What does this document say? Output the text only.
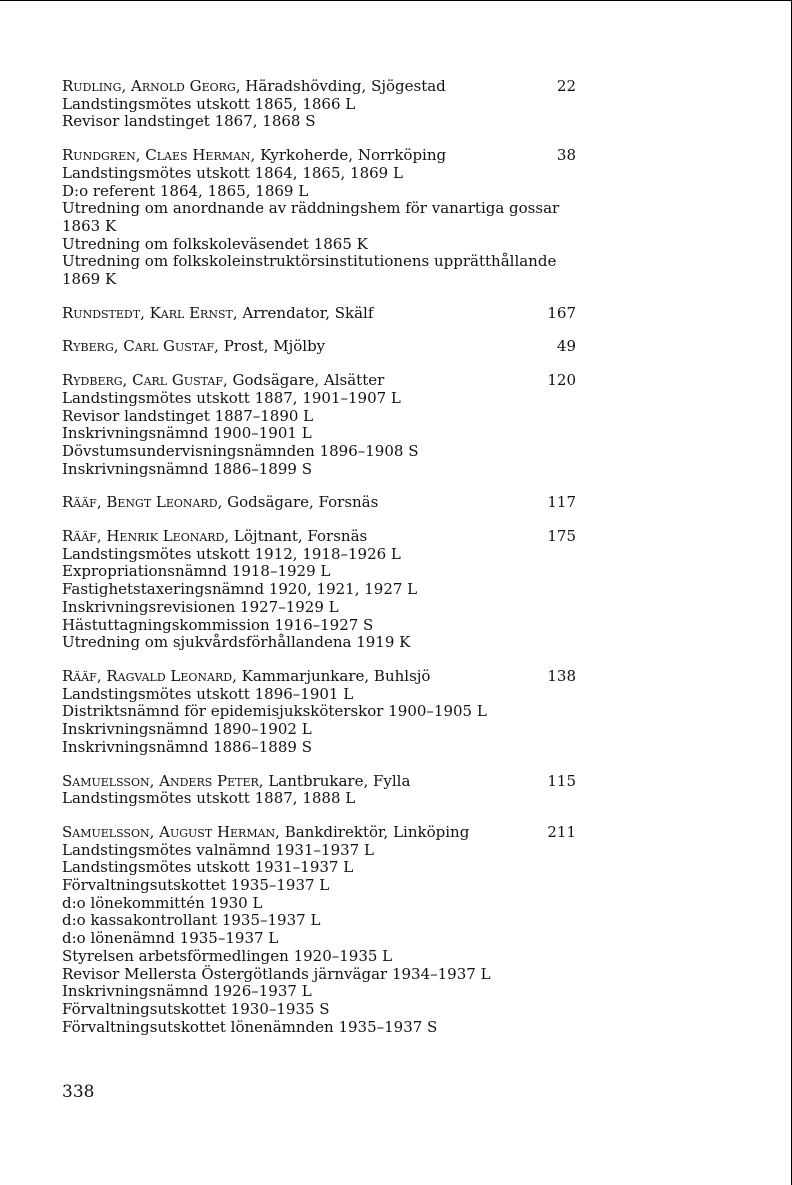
Rudling, Arnold Georg, Häradshövding, Sjögestad	22
Landstingsmötes utskott 1865, 1866 L
Revisor landstinget 1867, 1868 S
Rundgren, Claes Herman, Kyrkoherde, Norrköping	38
Landstingsmötes utskott 1864, 1865, 1869 L
D:o referent 1864, 1865, 1869 L
Utredning om anordnande av räddningshem för vanartiga gossar
1863 K
Utredning om folkskoleväsendet 1865 K
Utredning om folkskoleinstruktörsinstitutionens upprätthållande
1869 K
Rundstedt, Karl Ernst, Arrendator, Skälf	167
Ryberg, Carl Gustaf, Prost, Mjölby	49
Rydberg, Carl Gustaf, Godsägare, Alsätter	120
Landstingsmötes utskott 1887, 1901–1907 L
Revisor landstinget 1887–1890 L
Inskrivningsnämnd 1900–1901 L
Dövstumsundervisningsnämnden 1896–1908 S
Inskrivningsnämnd 1886–1899 S
Rääf, Bengt Leonard, Godsägare, Forsnäs	117
Rääf, Henrik Leonard, Löjtnant, Forsnäs	175
Landstingsmötes utskott 1912, 1918–1926 L
Expropriationsnämnd 1918–1929 L
Fastighetstaxeringsnämnd 1920, 1921, 1927 L
Inskrivningsrevisionen 1927–1929 L
Hästuttagningskommission 1916–1927 S
Utredning om sjukvårdsförhållandena 1919 K
Rääf, Ragvald Leonard, Kammarjunkare, Buhlsjö	138
Landstingsmötes utskott 1896–1901 L
Distriktsnämnd för epidemisjuksköterskor 1900–1905 L
Inskrivningsnämnd 1890–1902 L
Inskrivningsnämnd 1886–1889 S
Samuelsson, Anders Peter, Lantbrukare, Fylla	115
Landstingsmötes utskott 1887, 1888 L
Samuelsson, August Herman, Bankdirektör, Linköping	211
Landstingsmötes valnämnd 1931–1937 L
Landstingsmötes utskott 1931–1937 L
Förvaltningsutskottet 1935–1937 L
d:o lönekommittén 1930 L
d:o kassakontrollant 1935–1937 L
d:o lönenämnd 1935–1937 L
Styrelsen arbetsförmedlingen 1920–1935 L
Revisor Mellersta Östergötlands järnvägar 1934–1937 L
Inskrivningsnämnd 1926–1937 L
Förvaltningsutskottet 1930–1935 S
Förvaltningsutskottet lönenämnden 1935–1937 S
338
